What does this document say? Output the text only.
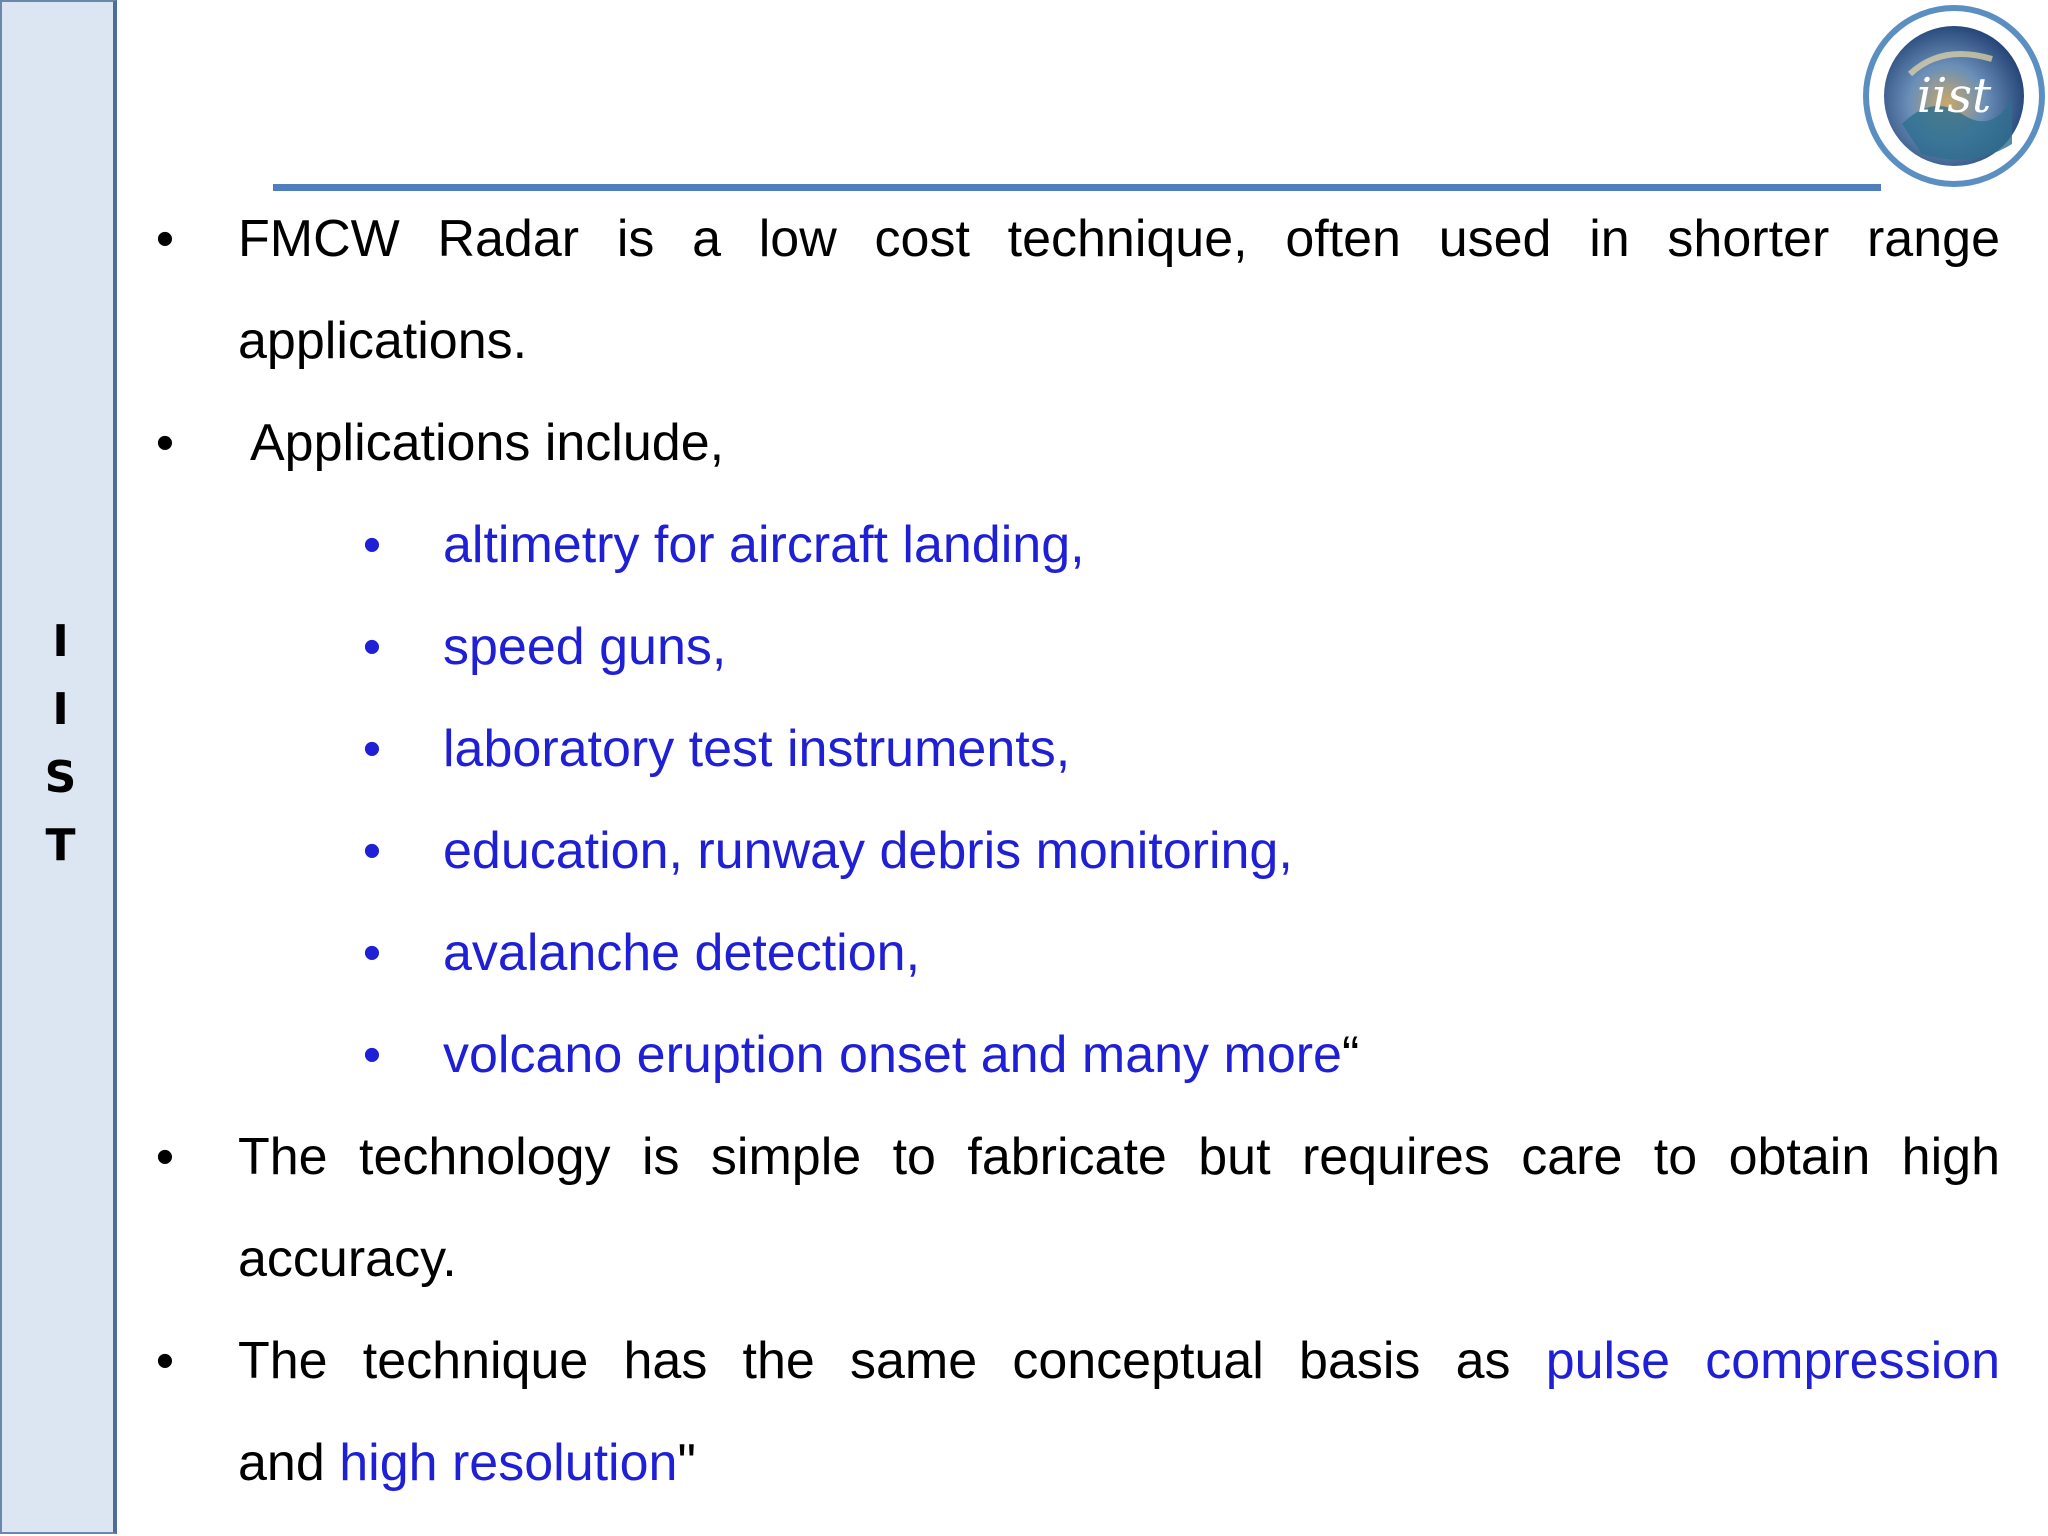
I
I
S
T
iist
• FMCW Radar is a low cost technique, often used in shorter range
applications.
• Applications include,
• altimetry for aircraft landing,
• speed guns,
• laboratory test instruments,
• education, runway debris monitoring,
• avalanche detection,
• volcano eruption onset and many more“
• The technology is simple to fabricate but requires care to obtain high
accuracy.
• The technique has the same conceptual basis as pulse compression
and high resolution"
